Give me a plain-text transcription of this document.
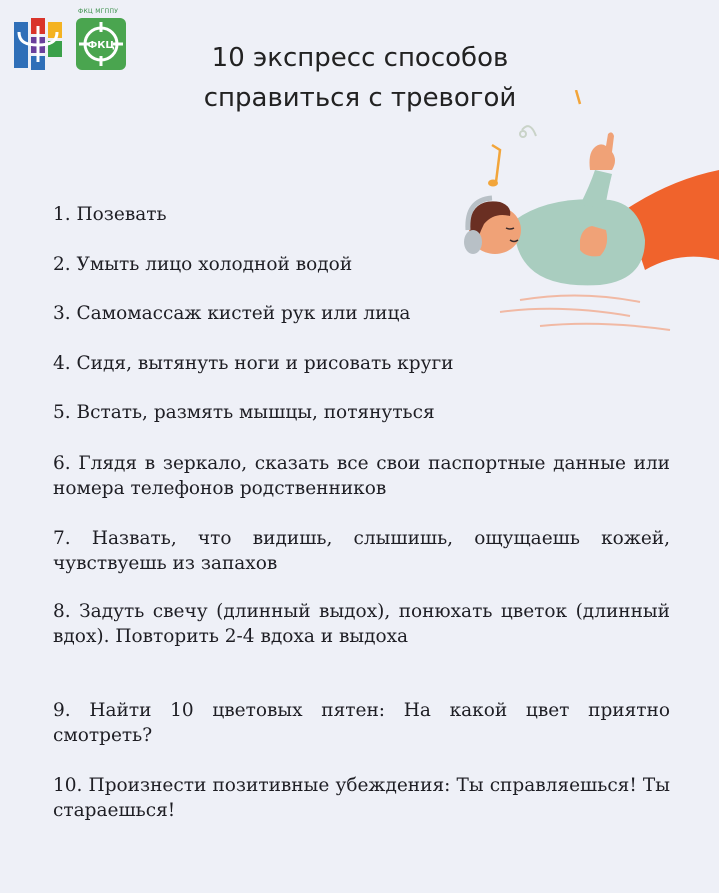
ФКЦ МГППУ
ФКЦ	10 экспресс способов
справиться с тревогой
1. Позевать
2. Умыть лицо холодной водой
3. Самомассаж кистей рук или лица
4. Сидя, вытянуть ноги и рисовать круги
5. Встать, размять мышцы, потянуться
6. Глядя в зеркало, сказать все свои паспортные данные или номера телефонов родственников
7. Назвать, что видишь, слышишь, ощущаешь кожей, чувствуешь из запахов
8. Задуть свечу (длинный выдох), понюхать цветок (длинный вдох). Повторить 2-4 вдоха и выдоха
9. Найти 10 цветовых пятен: На какой цвет приятно смотреть?
10. Произнести позитивные убеждения: Ты справляешься! Ты стараешься!
